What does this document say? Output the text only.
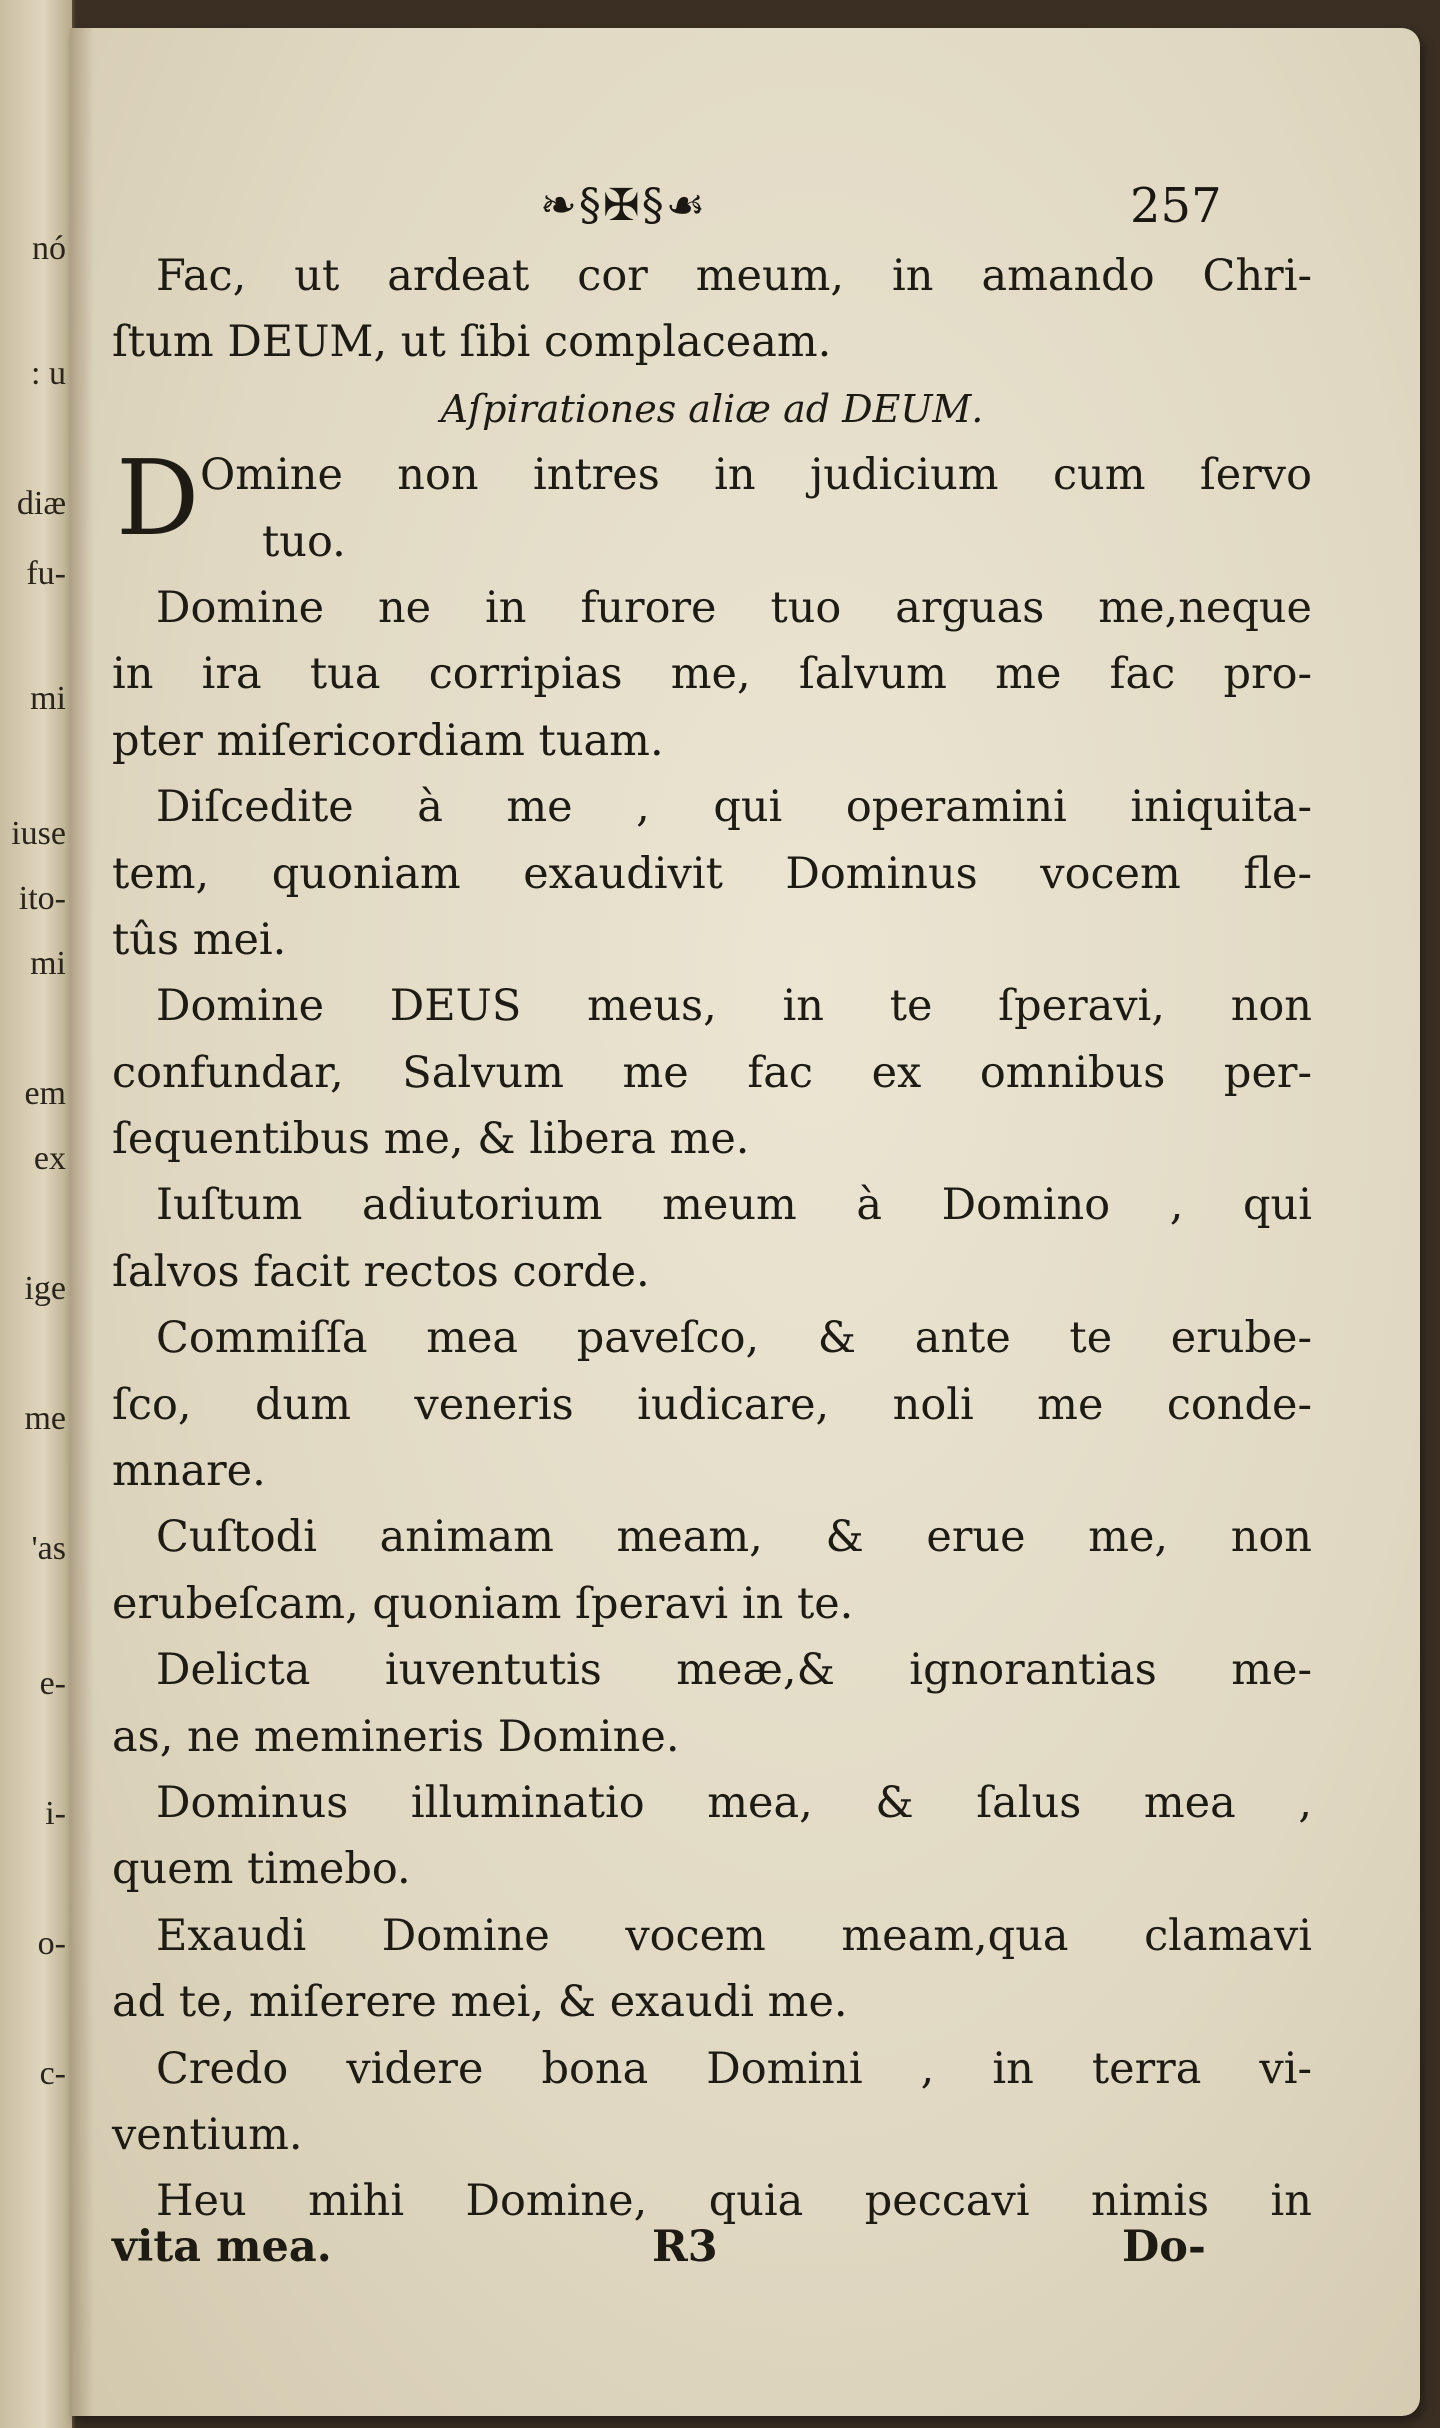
nó
: u
diæ
fu-
mi
iuse
ito-
mi
em
ex
ige
me
'as
e-
i-
o-
c-
❧§✠§☙	257
Fac, ut ardeat cor meum, in amando Chri-
ſtum DEUM, ut ſibi complaceam.
Aſpirationes aliæ ad DEUM.
D Omine non intres in judicium cum ſervo
tuo.
Domine ne in furore tuo arguas me,neque
in ira tua corripias me, ſalvum me fac pro-
pter miſericordiam tuam.
Diſcedite à me , qui operamini iniquita-
tem, quoniam exaudivit Dominus vocem fle-
tûs mei.
Domine DEUS meus, in te ſperavi, non
confundar, Salvum me fac ex omnibus per-
ſequentibus me, & libera me.
Iuſtum adiutorium meum à Domino , qui
ſalvos facit rectos corde.
Commiſſa mea paveſco, & ante te erube-
ſco, dum veneris iudicare, noli me conde-
mnare.
Cuſtodi animam meam, & erue me, non
erubeſcam, quoniam ſperavi in te.
Delicta iuventutis meæ,& ignorantias me-
as, ne memineris Domine.
Dominus illuminatio mea, & ſalus mea ,
quem timebo.
Exaudi Domine vocem meam,qua clamavi
ad te, miſerere mei, & exaudi me.
Credo videre bona Domini , in terra vi-
ventium.
Heu mihi Domine, quia peccavi nimis in
vita mea.	R3	Do-
